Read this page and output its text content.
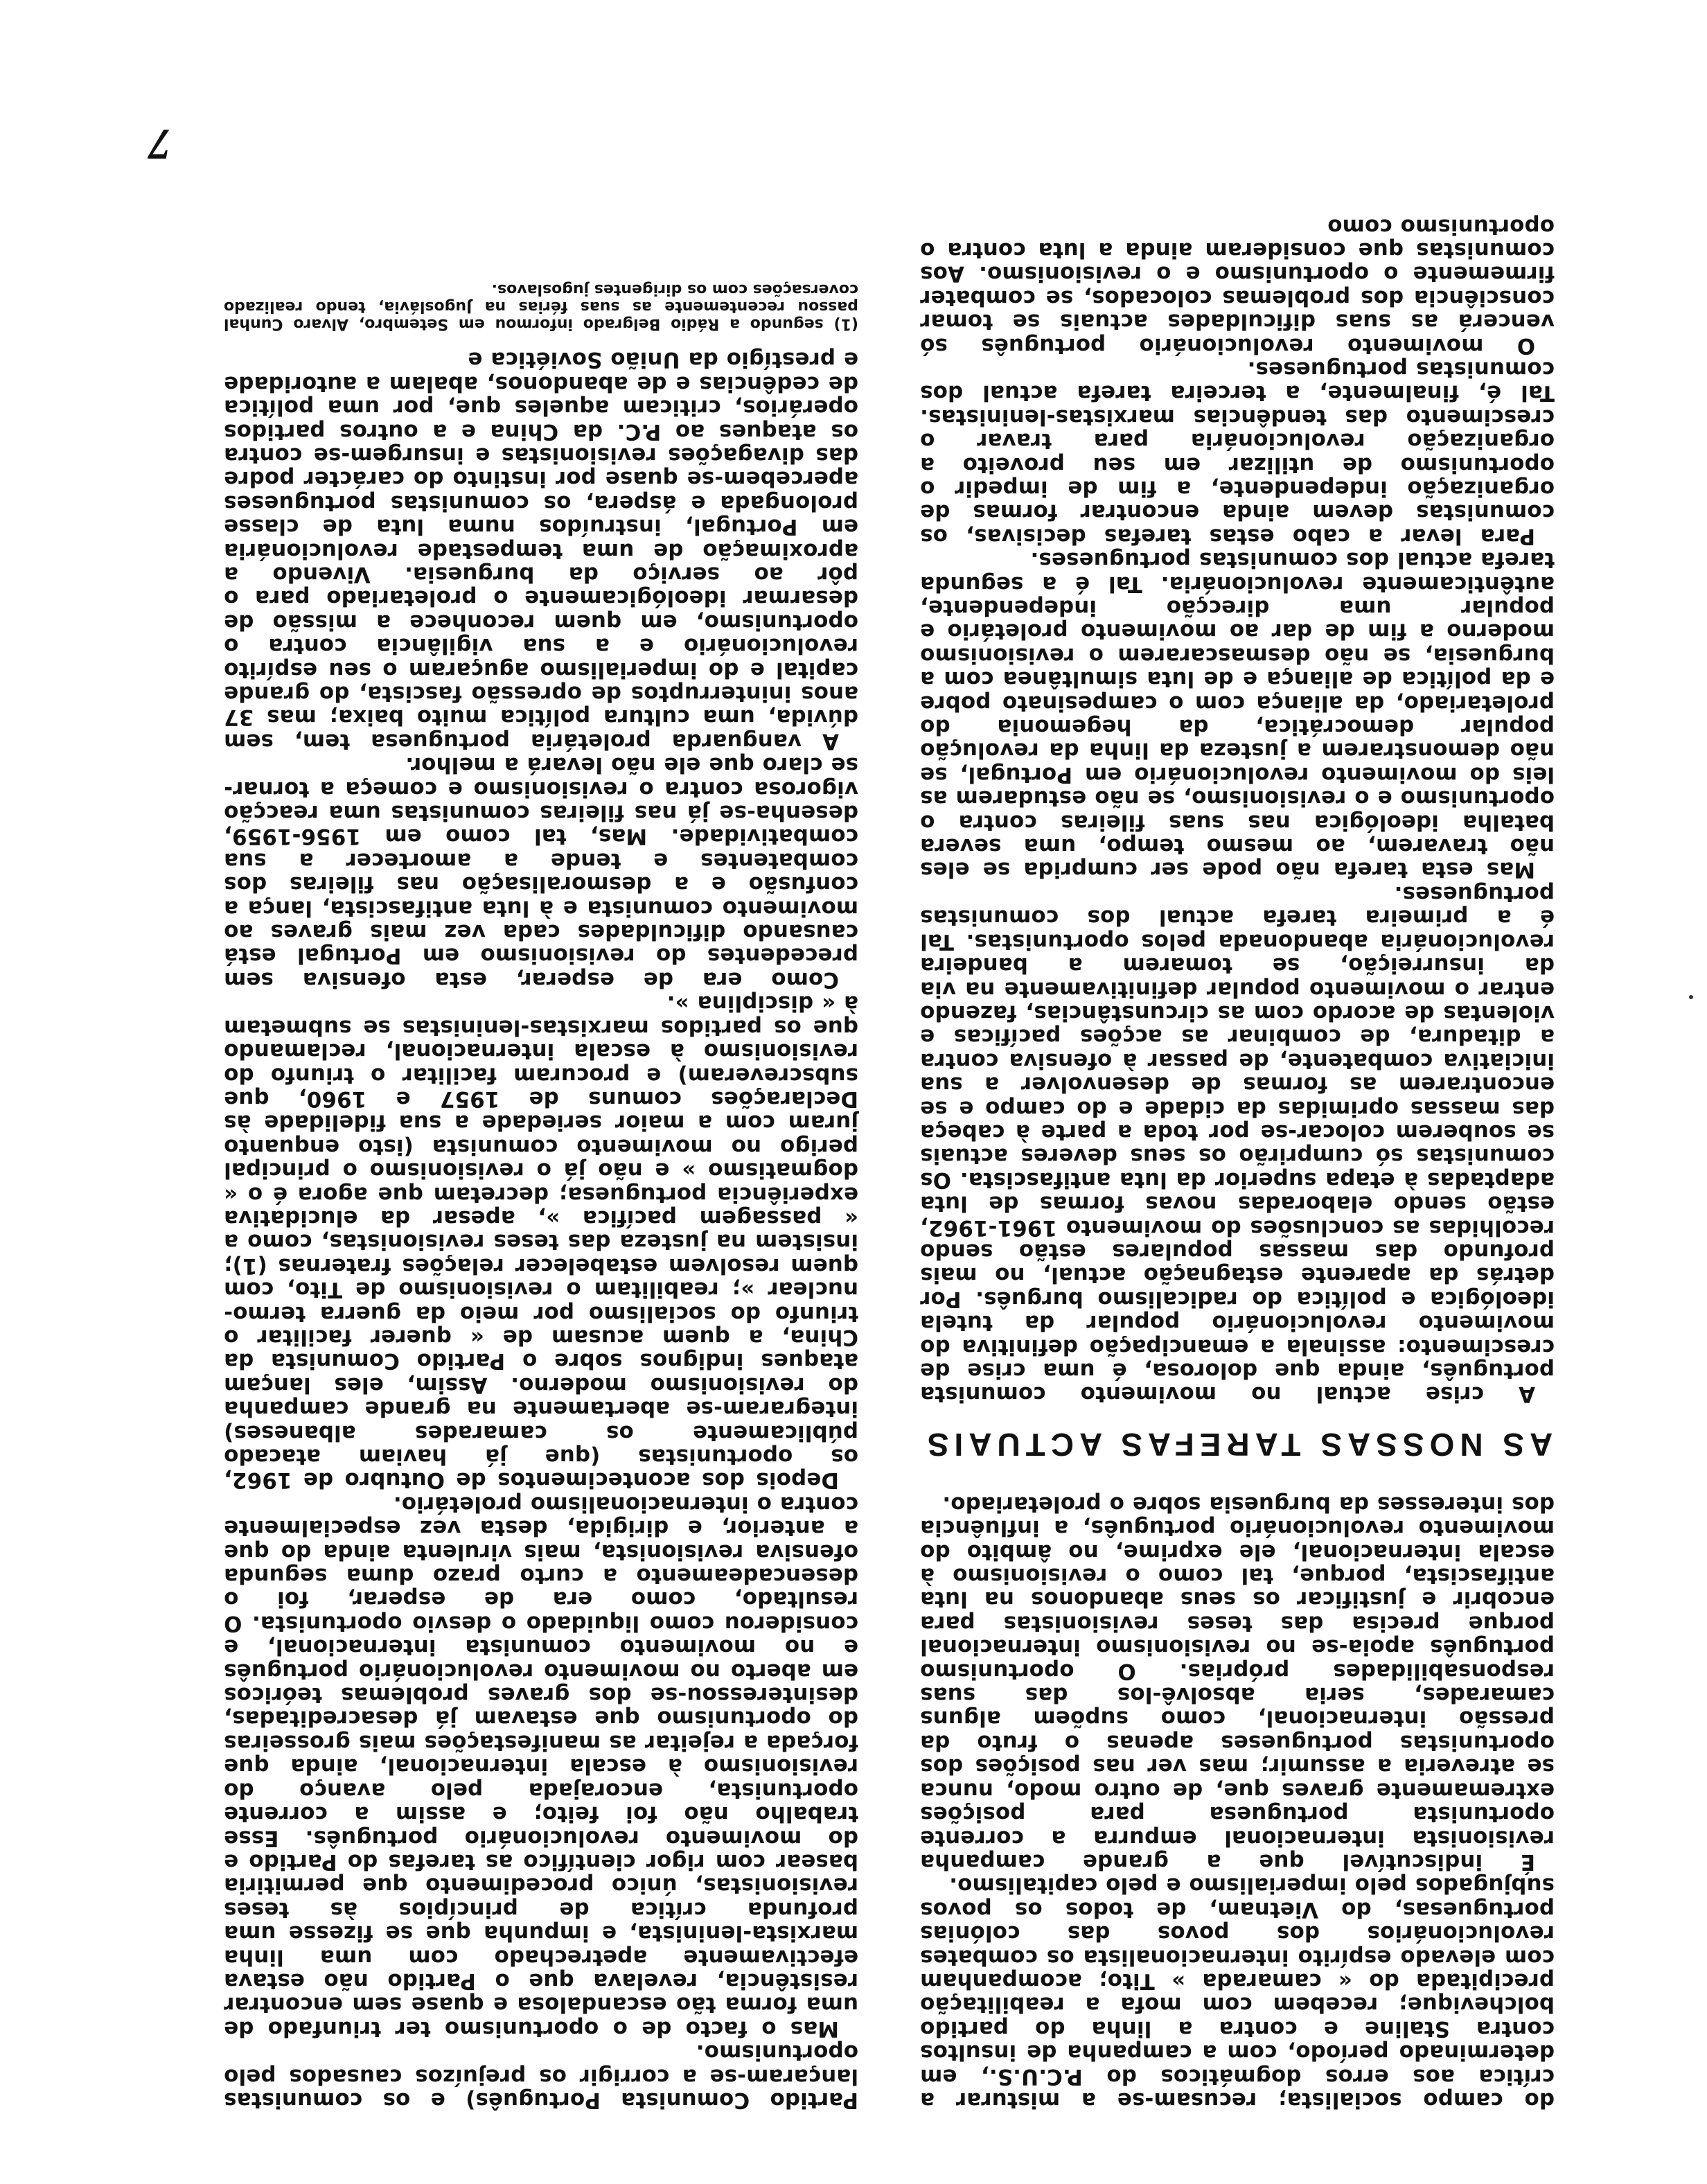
do campo socialista; recusam-se a misturar a crítica aos erros dogmáticos do P.C.U.S., em determinado período, com a campanha de insultos contra Staline e contra a linha do partido bolchevique; recebem com mofa a reabilitação precipitada do « camarada » Tito; acompanham com elevado espírito internacionalista os combates revolucionários dos povos das colónias portuguesas, do Vietnam, de todos os povos subjugados pelo imperialismo e pelo capitalismo.

É indiscutível que a grande campanha revisionista internacional empurra a corrente oportunista portuguesa para posições extremamente graves que, de outro modo, nunca se atreveria a assumir; mas ver nas posições dos oportunistas portugueses apenas o fruto da pressão internacional, como supõem alguns camarades, seria absolvê-los das suas responsabilidades próprias. O oportunismo português apoia-se no revisionismo internacional porque precisa das teses revisionistas para encobrir e justificar os seus abandonos na luta antifascista, porque, tal como o revisionismo à escala internacional, ele exprime, no âmbito do movimento revolucionário português, a influência dos interesses da burguesia sobre o proletariado.

AS NOSSAS TAREFAS ACTUAIS

A crise actual no movimento comunista português, ainda que dolorosa, é uma crise de crescimento: assinala a emancipação definitiva do movimento revolucionário popular da tutela ideológica e política do radicalismo burguês. Por detrás da aparente estagnação actual, no mais profundo das massas populares estão sendo recolhidas as conclusões do movimento 1961-1962, estão sendo elaboradas novas formas de luta adaptadas à etapa superior da luta antifascista. Os comunistas só cumprirão os seus deveres actuais se souberem colocar-se por toda a parte à cabeça das massas oprimidas da cidade e do campo e se encontrarem as formas de desenvolver a sua iniciativa combatente, de passar à ofensiva contra a ditadura, de combinar as acções pacíficas e violentas de acordo com as circunstâncias, fazendo entrar o movimento popular definitivamente na via da insurreição, se tomarem a bandeira revolucionária abandonada pelos oportunistas. Tal é a primeira tarefa actual dos comunistas portugueses.

Mas esta tarefa não pode ser cumprida se eles não travarem, ao mesmo tempo, uma severa batalha ideológica nas suas fileiras contra o oportunismo e o revisionismo, se não estudarem as leis do movimento revolucionário em Portugal, se não demonstrarem a justeza da linha da revolução popular democrática, da hegemonia do proletariado, da aliança com o campesinato pobre e da política de aliança e de luta simultânea com a burguesia, se não desmascararem o revisionismo moderno a fim de dar ao movimento proletário e popular uma direcção independente, autênticamente revolucionária. Tal é a segunda tarefa actual dos comunistas portugueses.

Para levar a cabo estas tarefas decisivas, os comunistas devem ainda encontrar formas de organização independente, a fim de impedir o oportunismo de utilizar em seu proveito a organização revolucionária para travar o crescimento das tendências marxistas-leninistas. Tal é, finalmente, a terceira tarefa actual dos comunistas portugueses.

O movimento revolucionário português só vencerá as suas dificuldades actuais se tomar consciência dos problemas colocados, se combater firmemente o oportunismo e o revisionismo. Aos comunistas que consideram ainda a luta contra o oportunismo como

Partido Comunista Português) e os comunistas lançaram-se a corrigir os prejuízos causados pelo oportunismo.

Mas o facto de o oportunismo ter triunfado de uma forma tão escandalosa e quase sem encontrar resistência, revelava que o Partido não estava efectivamente apetrechado com uma linha marxista-leninista, e impunha que se fizesse uma profunda crítica de princípios às teses revisionistas, único procedimento que permitiria basear com rigor científico as tarefas do Partido e do movimento revolucionário português. Esse trabalho não foi feito; e assim a corrente oportunista, encorajada pelo avanço do revisionismo à escala internacional, ainda que forçada a rejeitar as manifestações mais grosseiras do oportunismo que estavam já desacreditadas, desinteressou-se dos graves problemas teóricos em aberto no movimento revolucionário português e no movimento comunista internacional, e considerou como liquidado o desvio oportunista. O resultado, como era de esperar, foi o desencadeamento a curto prazo duma segunda ofensiva revisionista, mais virulenta ainda do que a anterior, e dirigida, desta vez especialmente contra o internacionalismo proletário.

Depois dos acontecimentos de Outubro de 1962, os oportunistas (que já haviam atacado públicamente os camarades albaneses) integraram-se abertamente na grande campanha do revisionismo moderno. Assim, eles lançam ataques indignos sobre o Partido Comunista da China, a quem acusam de « querer facilitar o triunfo do socialismo por meio da guerra termo-nuclear »; reabilitam o revisionismo de Tito, com quem resolvem estabelecer relações fraternas (1); insistem na justeza das teses revisionistas, como a « passagem pacífica », apesar da elucidativa experiência portuguesa; decretam que agora é o « dogmatismo » e não já o revisionismo o principal perigo no movimento comunista (isto enquanto juram com a maior seriedade a sua fidelidade às Declarações comuns de 1957 e 1960, que subscreveram) e procuram facilitar o triunfo do revisionismo à escala internacional, reclamando que os partidos marxistas-leninistas se submetam à « disciplina ».

Como era de esperar, esta ofensiva sem precedentes do revisionismo em Portugal está causando dificuldades cada vez mais graves ao movimento comunista e à luta antifascista, lança a confusão e a desmoralisação nas fileiras dos combatentes e tende a amortecer a sua combatividade. Mas, tal como em 1956-1959, desenha-se já nas fileiras comunistas uma reacção vigorosa contra o revisionismo e começa a tornar-se claro que ele não levará a melhor.

A vanguarda proletária portuguesa tem, sem dúvida, uma cultura política muito baixa; mas 37 anos ininterruptos de opressão fascista, do grande capital e do imperialismo aguçaram o seu espírito revolucionário e a sua vigilância contra o oportunismo, em quem reconhece a missão de desarmar ideológicamente o proletariado para o pôr ao serviço da burguesia. Vivendo a aproximação de uma tempestade revolucionária em Portugal, instruídos numa luta de classe prolongada e áspera, os comunistas portugueses apercebem-se quase por instinto do carácter podre das divagações revisionistas e insurgem-se contra os ataques ao P.C. da China e a outros partidos operários, criticam aqueles que, por uma política de cedências e de abandonos, abalam a autoridade e prestígio da União Soviética e

(1) segundo a Rádio Belgrado informou em Setembro, Alvaro Cunhal passou recentemente as suas férias na Jugoslávia, tendo realizado coversações com os dirigentes jugoslavos.

7
